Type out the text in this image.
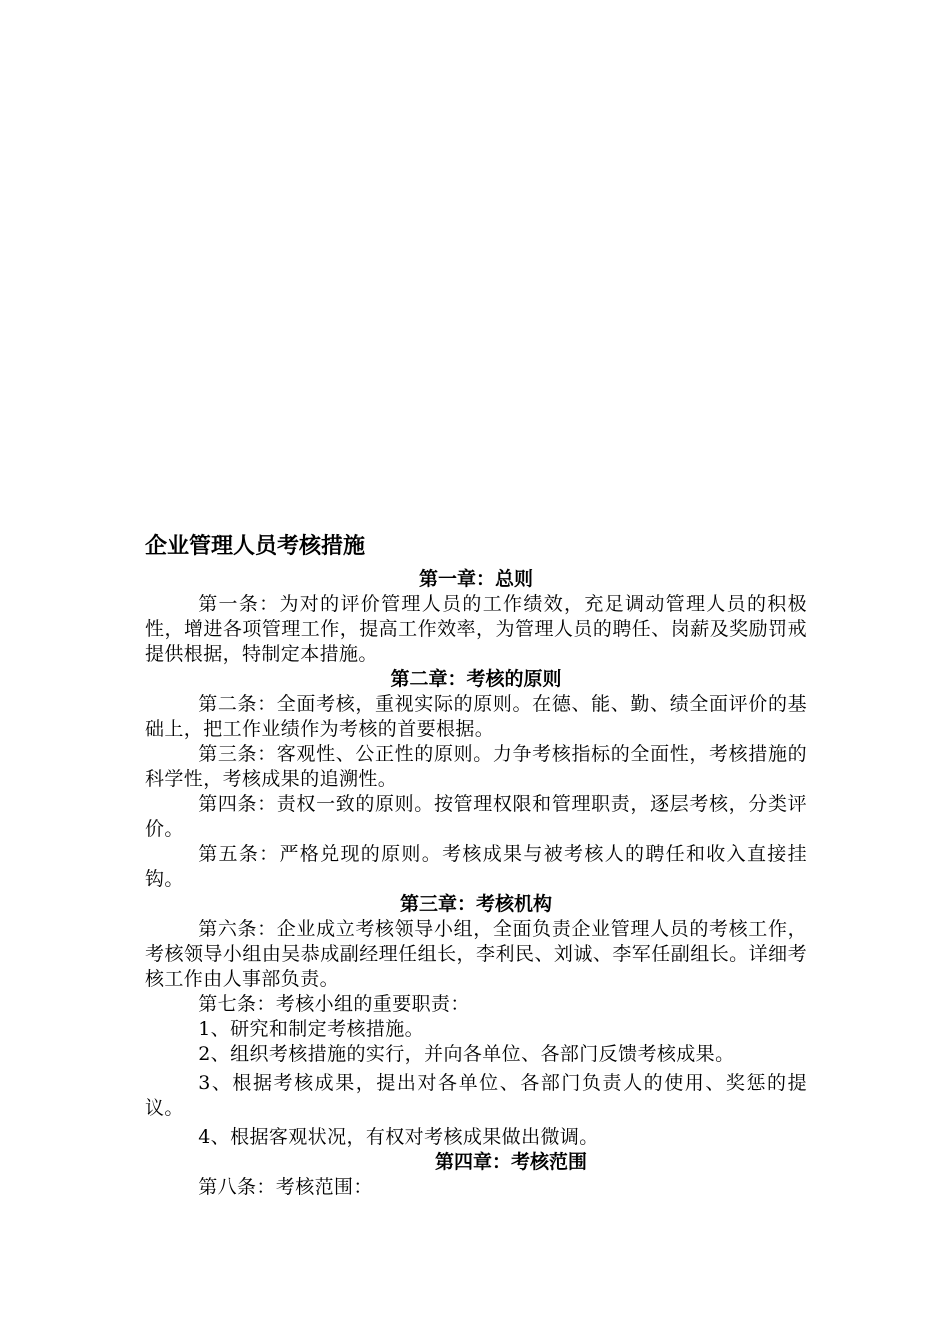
企业管理人员考核措施
第一章：总则

第一条：为对的评价管理人员的工作绩效，充足调动管理人员的积极性，增进各项管理工作，提高工作效率，为管理人员的聘任、岗薪及奖励罚戒提供根据，特制定本措施。

第二章：考核的原则

第二条：全面考核，重视实际的原则。在德、能、勤、绩全面评价的基础上，把工作业绩作为考核的首要根据。

第三条：客观性、公正性的原则。力争考核指标的全面性，考核措施的科学性，考核成果的追溯性。

第四条：责权一致的原则。按管理权限和管理职责，逐层考核，分类评价。

第五条：严格兑现的原则。考核成果与被考核人的聘任和收入直接挂钩。

第三章：考核机构

第六条：企业成立考核领导小组，全面负责企业管理人员的考核工作，考核领导小组由吴恭成副经理任组长，李利民、刘诚、李军任副组长。详细考核工作由人事部负责。

第七条：考核小组的重要职责：

1、研究和制定考核措施。

2、组织考核措施的实行，并向各单位、各部门反馈考核成果。

3、根据考核成果，提出对各单位、各部门负责人的使用、奖惩的提议。

4、根据客观状况，有权对考核成果做出微调。

第四章：考核范围

第八条：考核范围：
